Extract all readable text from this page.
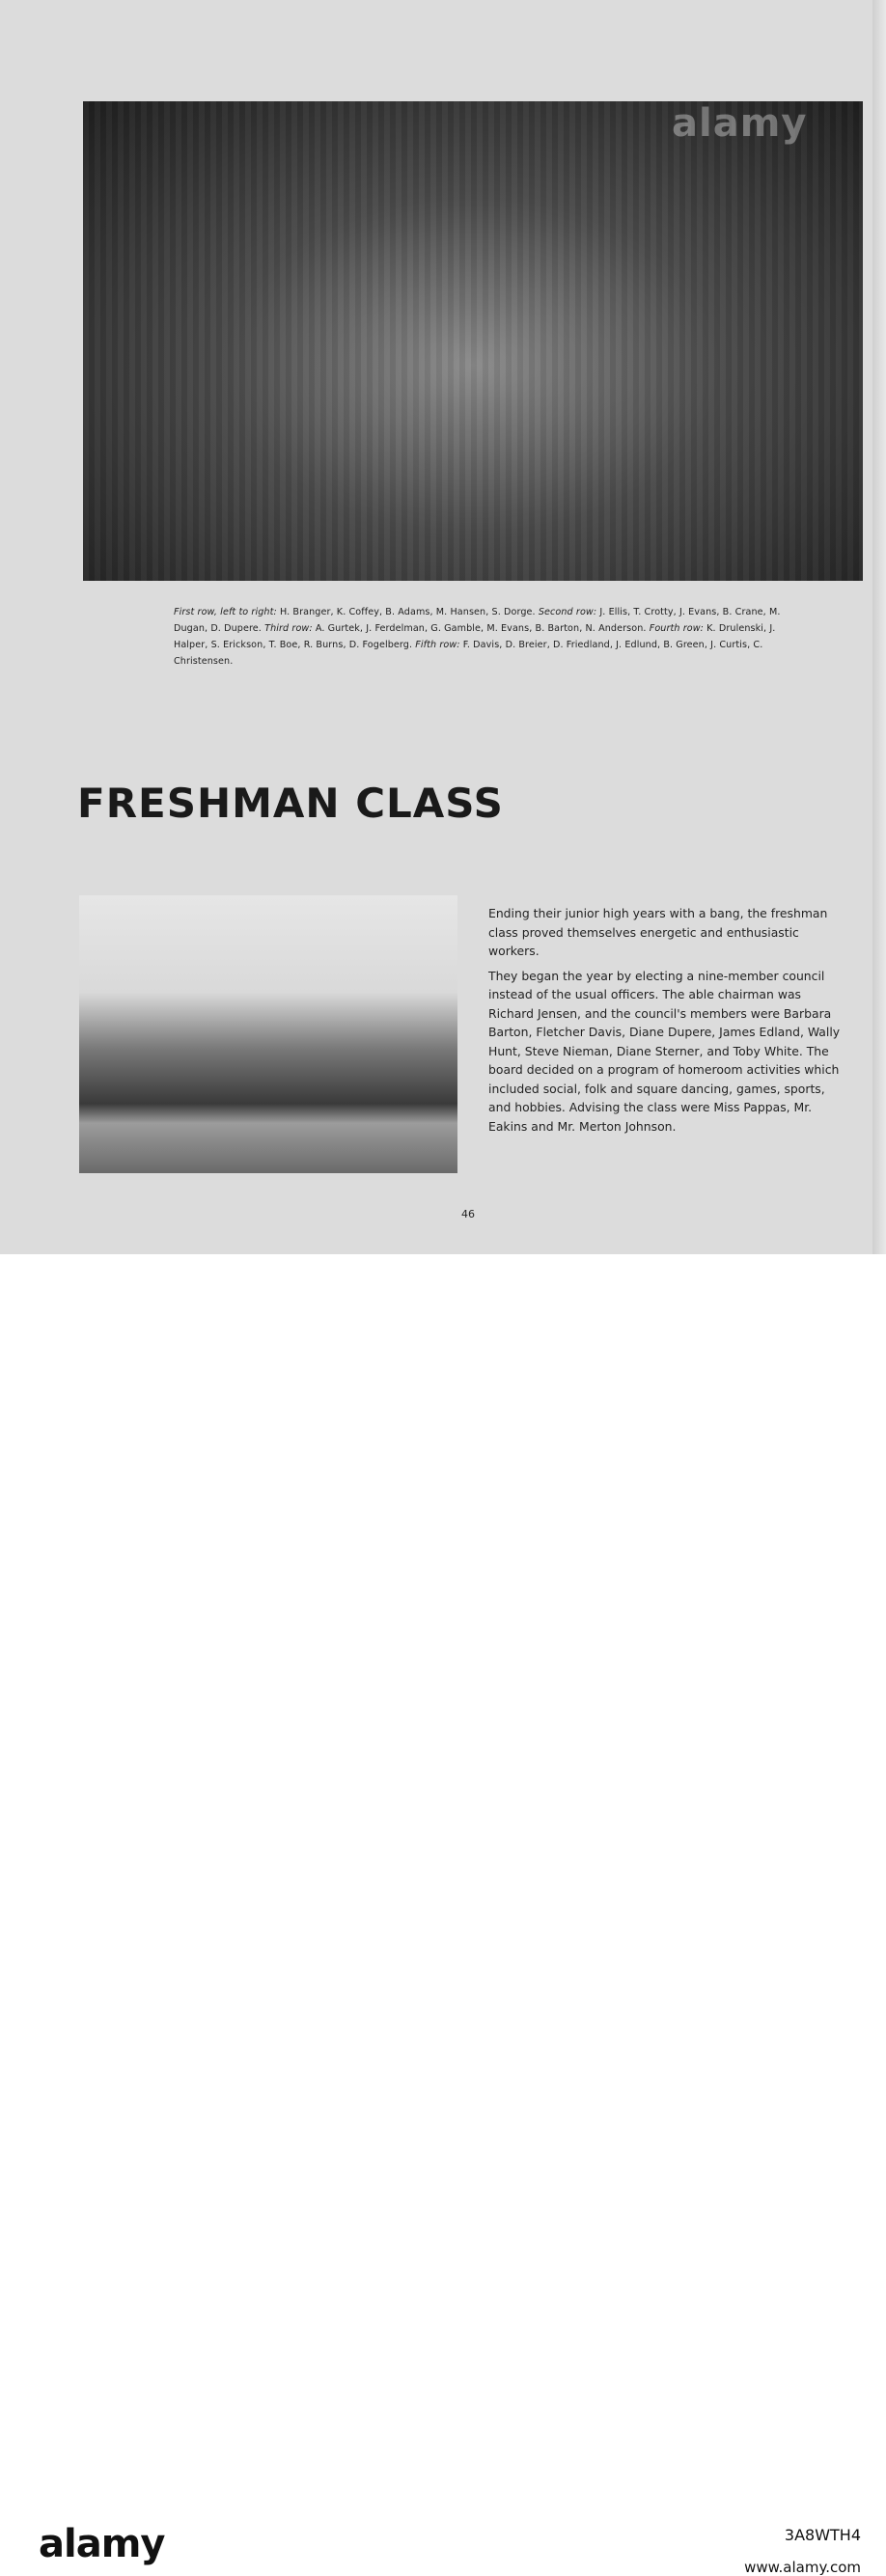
alamy
First row, left to right: H. Branger, K. Coffey, B. Adams, M. Hansen, S. Dorge. Second row: J. Ellis, T. Crotty, J. Evans, B. Crane, M. Dugan, D. Dupere. Third row: A. Gurtek, J. Ferdelman, G. Gamble, M. Evans, B. Barton, N. Anderson. Fourth row: K. Drulenski, J. Halper, S. Erickson, T. Boe, R. Burns, D. Fogelberg. Fifth row: F. Davis, D. Breier, D. Friedland, J. Edlund, B. Green, J. Curtis, C. Christensen.
FRESHMAN CLASS

Ending their junior high years with a bang, the freshman class proved themselves energetic and enthusiastic workers.

They began the year by electing a nine-member council instead of the usual officers. The able chairman was Richard Jensen, and the council's members were Barbara Barton, Fletcher Davis, Diane Dupere, James Edland, Wally Hunt, Steve Nieman, Diane Sterner, and Toby White. The board decided on a program of homeroom activities which included social, folk and square dancing, games, sports, and hobbies. Advising the class were Miss Pappas, Mr. Eakins and Mr. Merton Johnson.

46
alamy	3A8WTH4
www.alamy.com
